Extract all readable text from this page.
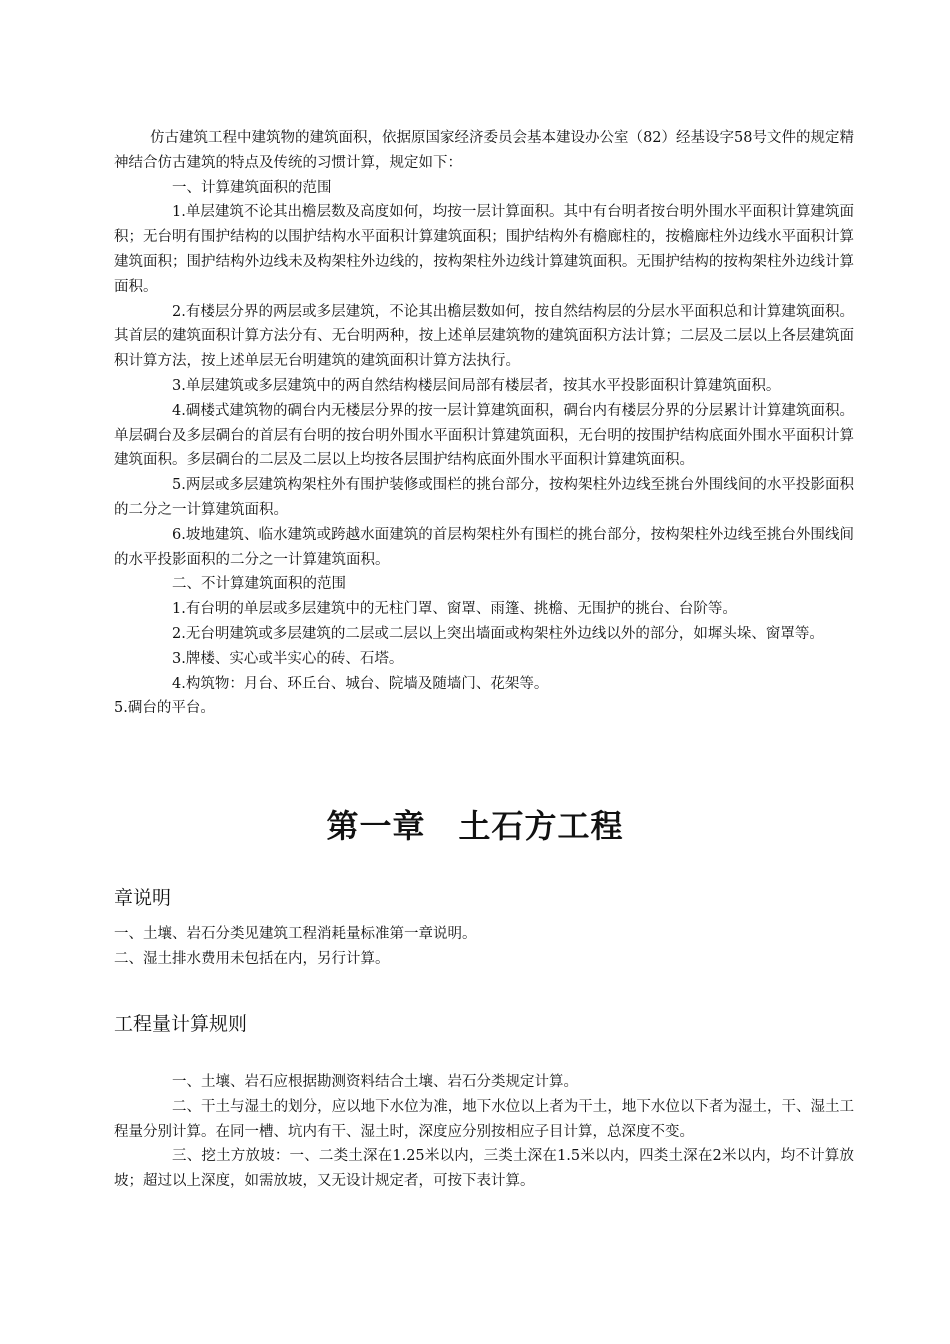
仿古建筑工程中建筑物的建筑面积，依据原国家经济委员会基本建设办公室（82）经基设字58号文件的规定精神结合仿古建筑的特点及传统的习惯计算，规定如下：

一、计算建筑面积的范围

1.单层建筑不论其出檐层数及高度如何，均按一层计算面积。其中有台明者按台明外围水平面积计算建筑面积；无台明有围护结构的以围护结构水平面积计算建筑面积；围护结构外有檐廊柱的，按檐廊柱外边线水平面积计算建筑面积；围护结构外边线未及构架柱外边线的，按构架柱外边线计算建筑面积。无围护结构的按构架柱外边线计算面积。

2.有楼层分界的两层或多层建筑，不论其出檐层数如何，按自然结构层的分层水平面积总和计算建筑面积。其首层的建筑面积计算方法分有、无台明两种，按上述单层建筑物的建筑面积方法计算；二层及二层以上各层建筑面积计算方法，按上述单层无台明建筑的建筑面积计算方法执行。

3.单层建筑或多层建筑中的两自然结构楼层间局部有楼层者，按其水平投影面积计算建筑面积。

4.碉楼式建筑物的碉台内无楼层分界的按一层计算建筑面积，碉台内有楼层分界的分层累计计算建筑面积。单层碉台及多层碉台的首层有台明的按台明外围水平面积计算建筑面积，无台明的按围护结构底面外围水平面积计算建筑面积。多层碉台的二层及二层以上均按各层围护结构底面外围水平面积计算建筑面积。

5.两层或多层建筑构架柱外有围护装修或围栏的挑台部分，按构架柱外边线至挑台外围线间的水平投影面积的二分之一计算建筑面积。

6.坡地建筑、临水建筑或跨越水面建筑的首层构架柱外有围栏的挑台部分，按构架柱外边线至挑台外围线间的水平投影面积的二分之一计算建筑面积。

二、不计算建筑面积的范围

1.有台明的单层或多层建筑中的无柱门罩、窗罩、雨篷、挑檐、无围护的挑台、台阶等。

2.无台明建筑或多层建筑的二层或二层以上突出墙面或构架柱外边线以外的部分，如墀头垛、窗罩等。

3.牌楼、实心或半实心的砖、石塔。

4.构筑物：月台、环丘台、城台、院墙及随墙门、花架等。

5.碉台的平台。

第一章　土石方工程
章说明

一、土壤、岩石分类见建筑工程消耗量标准第一章说明。

二、湿土排水费用未包括在内，另行计算。

工程量计算规则

一、土壤、岩石应根据勘测资料结合土壤、岩石分类规定计算。

二、干土与湿土的划分，应以地下水位为准，地下水位以上者为干土，地下水位以下者为湿土，干、湿土工程量分别计算。在同一槽、坑内有干、湿土时，深度应分别按相应子目计算，总深度不变。

三、挖土方放坡：一、二类土深在1.25米以内，三类土深在1.5米以内，四类土深在2米以内，均不计算放坡；超过以上深度，如需放坡，又无设计规定者，可按下表计算。
